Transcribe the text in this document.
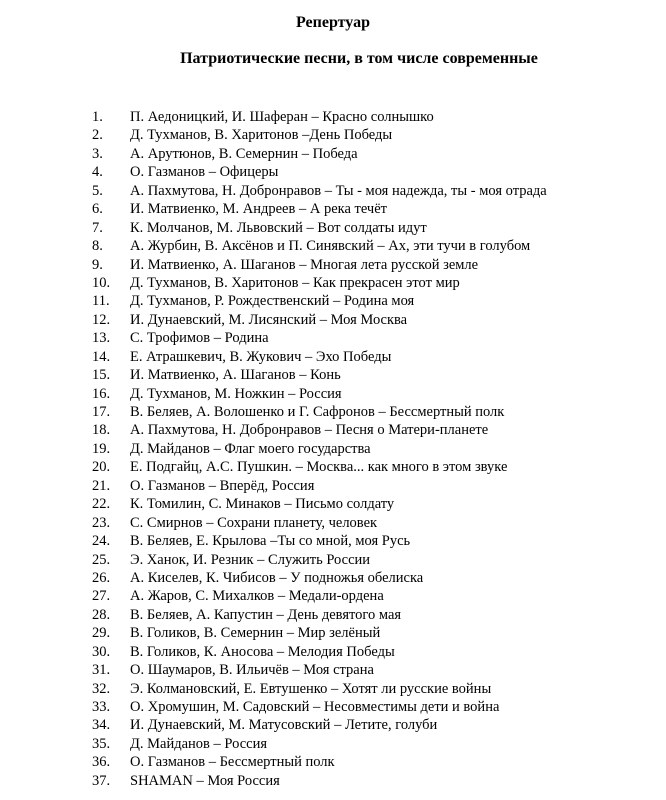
Репертуар
Патриотические песни, в том числе современные
1. П. Аедоницкий, И. Шаферан – Красно солнышко
2. Д. Тухманов, В. Харитонов –День Победы
3. А. Арутюнов, В. Семернин – Победа
4. О. Газманов – Офицеры
5. А. Пахмутова, Н. Добронравов – Ты - моя надежда, ты - моя отрада
6. И. Матвиенко, М. Андреев – А река течёт
7. К. Молчанов, М. Львовский – Вот солдаты идут
8. А. Журбин, В. Аксёнов и П. Синявский – Ах, эти тучи в голубом
9. И. Матвиенко, А. Шаганов – Многая лета русской земле
10. Д. Тухманов, В. Харитонов – Как прекрасен этот мир
11. Д. Тухманов, Р. Рождественский – Родина моя
12. И. Дунаевский, М. Лисянский – Моя Москва
13. С. Трофимов – Родина
14. Е. Атрашкевич, В. Жукович – Эхо Победы
15. И. Матвиенко, А. Шаганов – Конь
16. Д. Тухманов, М. Ножкин – Россия
17. В. Беляев, А. Волошенко и Г. Сафронов – Бессмертный полк
18. А. Пахмутова, Н. Добронравов – Песня о Матери-планете
19. Д. Майданов – Флаг моего государства
20. Е. Подгайц, А.С. Пушкин. – Москва... как много в этом звуке
21. О. Газманов – Вперёд, Россия
22. К. Томилин, С. Минаков – Письмо солдату
23. С. Смирнов – Сохрани планету, человек
24. В. Беляев, Е. Крылова –Ты со мной, моя Русь
25. Э. Ханок, И. Резник – Служить России
26. А. Киселев, К. Чибисов – У подножья обелиска
27. А. Жаров, С. Михалков – Медали-ордена
28. В. Беляев, А. Капустин – День девятого мая
29. В. Голиков, В. Семернин – Мир зелёный
30. В. Голиков, К. Аносова – Мелодия Победы
31. О. Шаумаров, В. Ильичёв – Моя страна
32. Э. Колмановский, Е. Евтушенко – Хотят ли русские войны
33. О. Хромушин, М. Садовский – Несовместимы дети и война
34. И. Дунаевский, М. Матусовский – Летите, голуби
35. Д. Майданов – Россия
36. О. Газманов – Бессмертный полк
37. SHAMAN – Моя Россия
